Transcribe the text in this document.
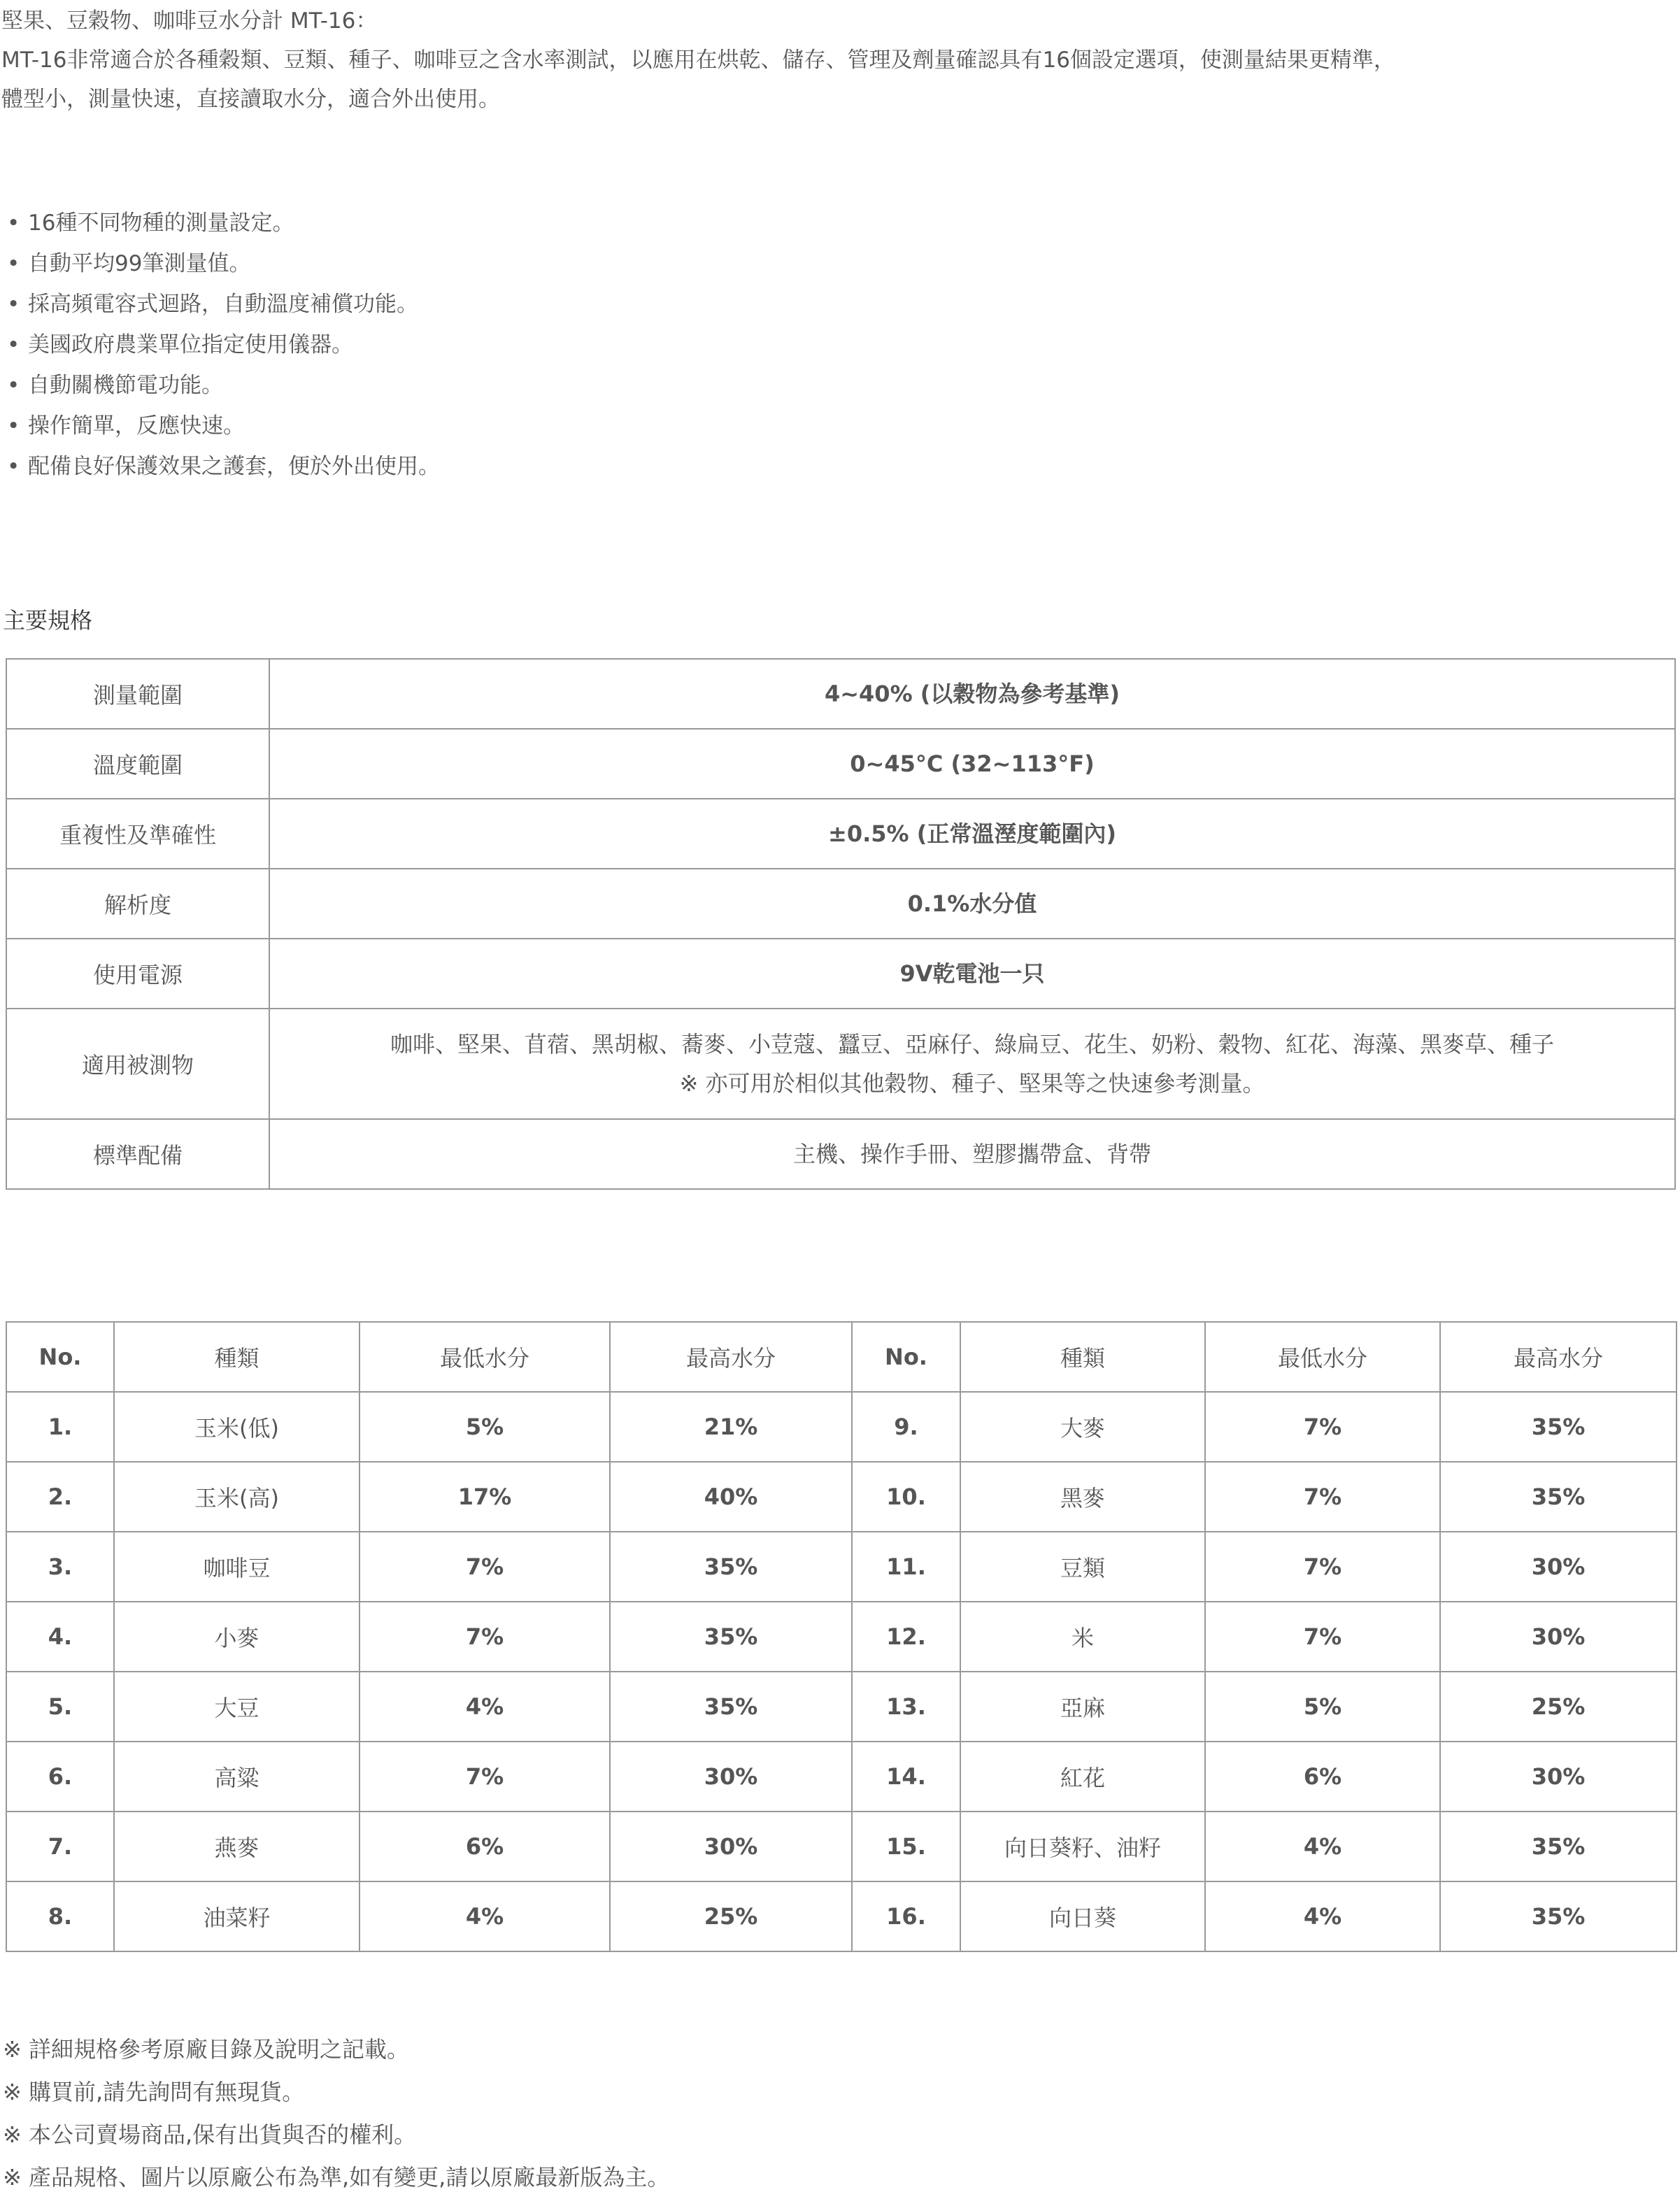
堅果、豆穀物、咖啡豆水分計 MT-16：

MT-16非常適合於各種穀類、豆類、種子、咖啡豆之含水率測試，以應用在烘乾、儲存、管理及劑量確認具有16個設定選項，使測量結果更精準，

體型小，測量快速，直接讀取水分，適合外出使用。

• 16種不同物種的測量設定。
• 自動平均99筆測量值。
• 採高頻電容式迴路，自動溫度補償功能。
• 美國政府農業單位指定使用儀器。
• 自動關機節電功能。
• 操作簡單，反應快速。
• 配備良好保護效果之護套，便於外出使用。
主要規格
測量範圍	4~40% (以穀物為參考基準)
溫度範圍	0~45°C (32~113°F)
重複性及準確性	±0.5% (正常溫溼度範圍內)
解析度	0.1%水分值
使用電源	9V乾電池一只
適用被測物	咖啡、堅果、苜蓿、黑胡椒、蕎麥、小荳蔻、蠶豆、亞麻仔、綠扁豆、花生、奶粉、穀物、紅花、海藻、黑麥草、種子
※ 亦可用於相似其他穀物、種子、堅果等之快速參考測量。

標準配備	主機、操作手冊、塑膠攜帶盒、背帶
No.	種類	最低水分	最高水分	No.	種類	最低水分	最高水分
1.	玉米(低)	5%	21%	9.	大麥	7%	35%
2.	玉米(高)	17%	40%	10.	黑麥	7%	35%
3.	咖啡豆	7%	35%	11.	豆類	7%	30%
4.	小麥	7%	35%	12.	米	7%	30%
5.	大豆	4%	35%	13.	亞麻	5%	25%
6.	高粱	7%	30%	14.	紅花	6%	30%
7.	燕麥	6%	30%	15.	向日葵籽、油籽	4%	35%
8.	油菜籽	4%	25%	16.	向日葵	4%	35%
※ 詳細規格參考原廠目錄及說明之記載。
※ 購買前,請先詢問有無現貨。
※ 本公司賣場商品,保有出貨與否的權利。
※ 產品規格、圖片以原廠公布為準,如有變更,請以原廠最新版為主。
